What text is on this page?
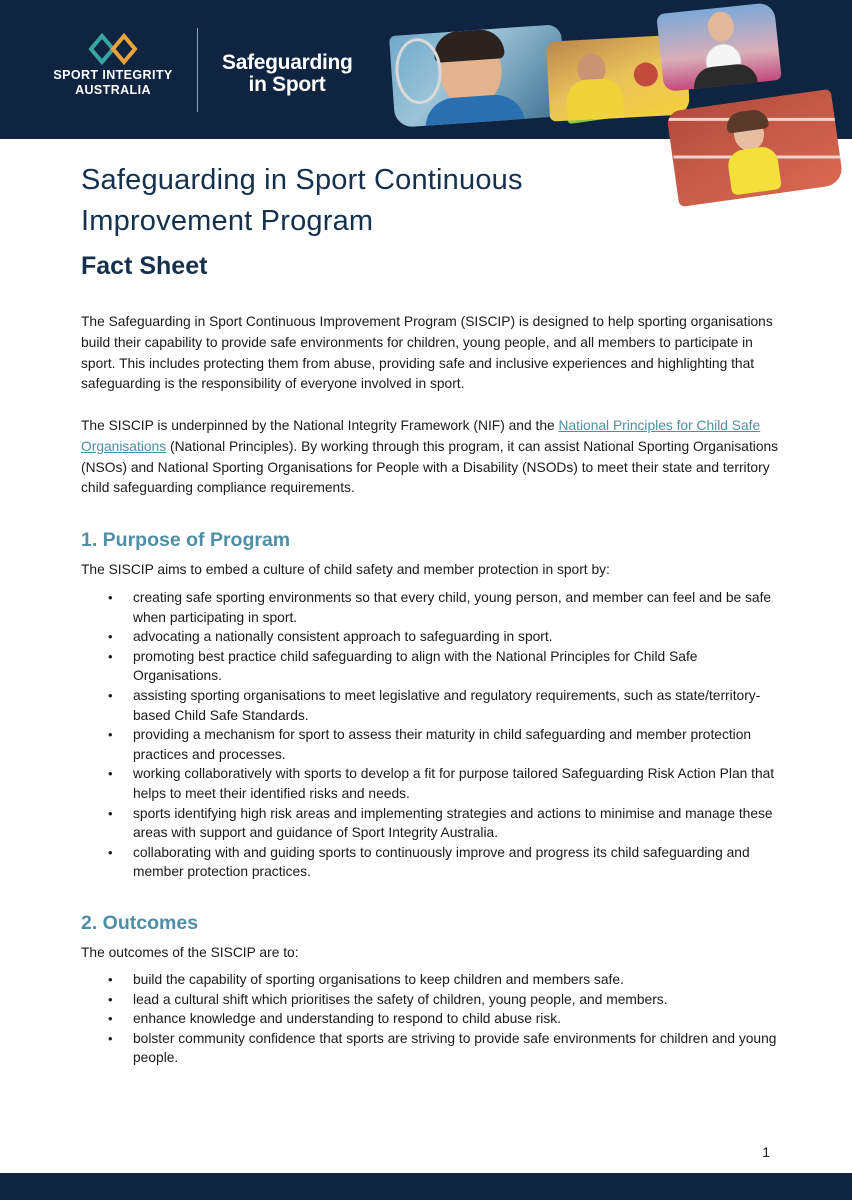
SPORT INTEGRITY
AUSTRALIA
Safeguarding
in Sport
Safeguarding in Sport Continuous
Improvement Program
Fact Sheet

The Safeguarding in Sport Continuous Improvement Program (SISCIP) is designed to help sporting organisations build their capability to provide safe environments for children, young people, and all members to participate in sport. This includes protecting them from abuse, providing safe and inclusive experiences and highlighting that safeguarding is the responsibility of everyone involved in sport.

The SISCIP is underpinned by the National Integrity Framework (NIF) and the National Principles for Child Safe Organisations (National Principles). By working through this program, it can assist National Sporting Organisations (NSOs) and National Sporting Organisations for People with a Disability (NSODs) to meet their state and territory child safeguarding compliance requirements.

1. Purpose of Program

The SISCIP aims to embed a culture of child safety and member protection in sport by:

• creating safe sporting environments so that every child, young person, and member can feel and be safe when participating in sport.
• advocating a nationally consistent approach to safeguarding in sport.
• promoting best practice child safeguarding to align with the National Principles for Child Safe Organisations.
• assisting sporting organisations to meet legislative and regulatory requirements, such as state/territory-based Child Safe Standards.
• providing a mechanism for sport to assess their maturity in child safeguarding and member protection practices and processes.
• working collaboratively with sports to develop a fit for purpose tailored Safeguarding Risk Action Plan that helps to meet their identified risks and needs.
• sports identifying high risk areas and implementing strategies and actions to minimise and manage these areas with support and guidance of Sport Integrity Australia.
• collaborating with and guiding sports to continuously improve and progress its child safeguarding and member protection practices.
2. Outcomes

The outcomes of the SISCIP are to:

• build the capability of sporting organisations to keep children and members safe.
• lead a cultural shift which prioritises the safety of children, young people, and members.
• enhance knowledge and understanding to respond to child abuse risk.
• bolster community confidence that sports are striving to provide safe environments for children and young people.
1
